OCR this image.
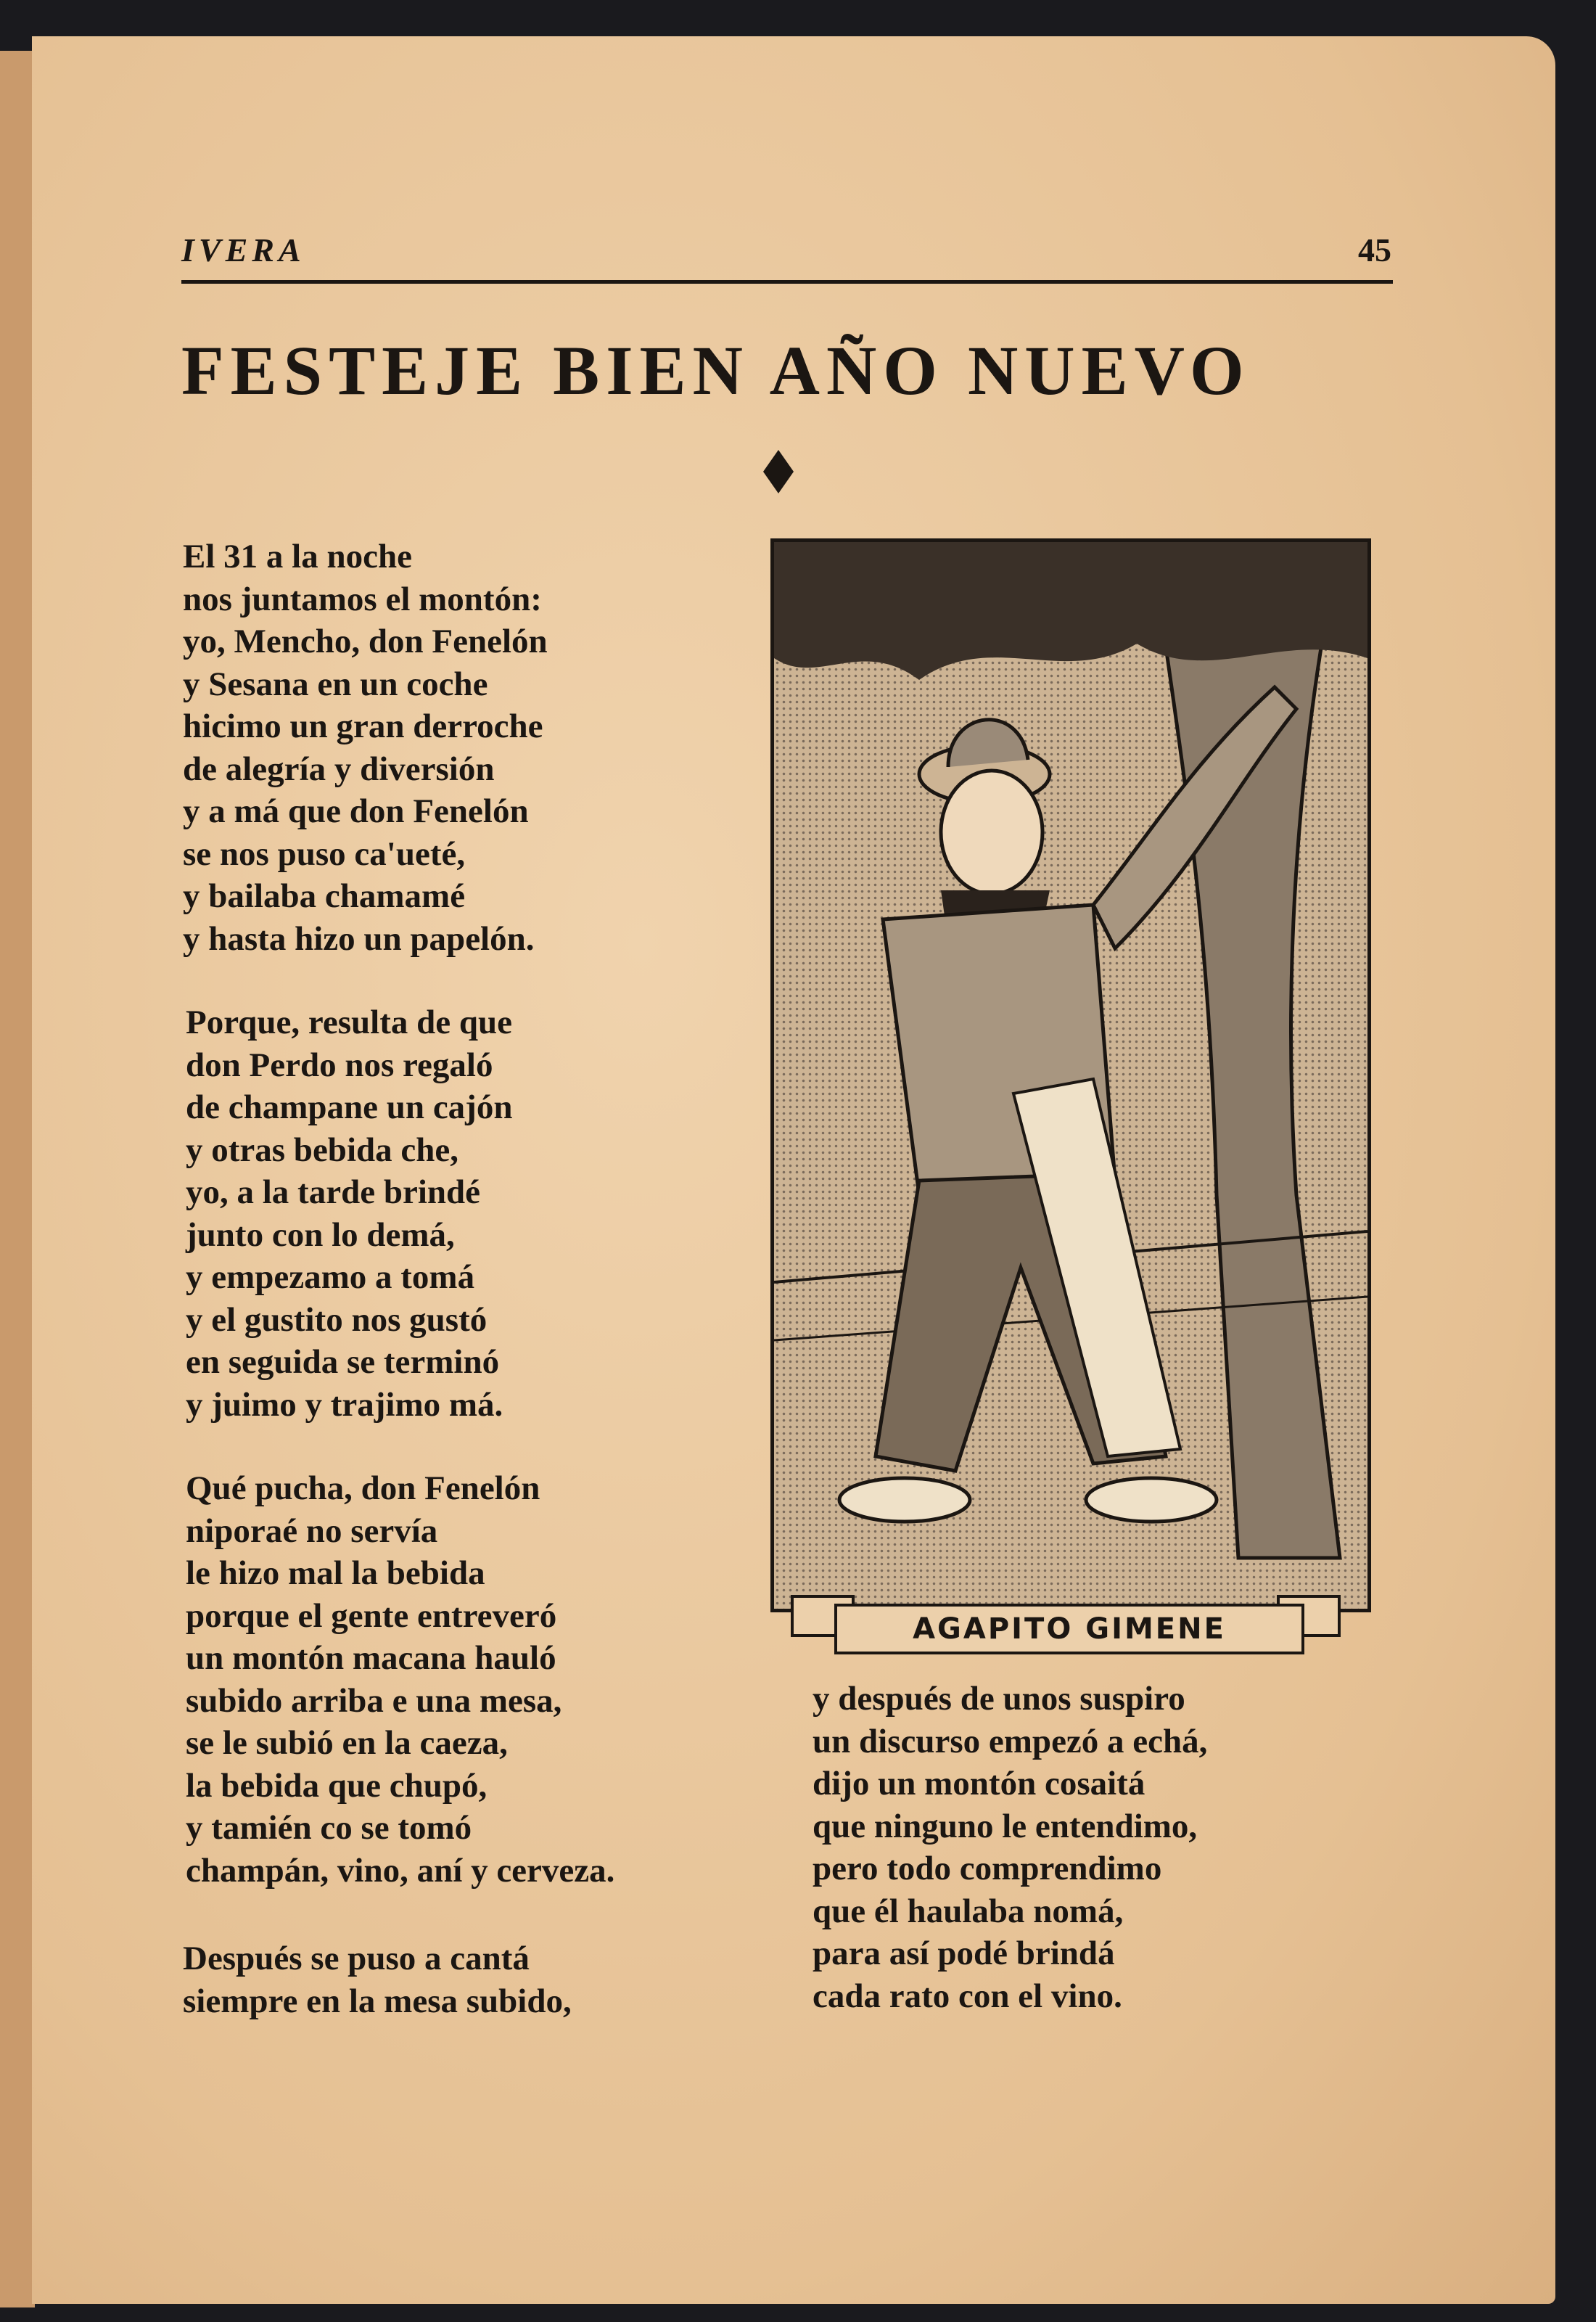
IVERA	45
FESTEJE BIEN AÑO NUEVO
El 31 a la noche
nos juntamos el montón:
yo, Mencho, don Fenelón
y Sesana en un coche
hicimo un gran derroche
de alegría y diversión
y a má que don Fenelón
se nos puso ca'ueté,
y bailaba chamamé
y hasta hizo un papelón.
Porque, resulta de que
don Perdo nos regaló
de champane un cajón
y otras bebida che,
yo, a la tarde brindé
junto con lo demá,
y empezamo a tomá
y el gustito nos gustó
en seguida se terminó
y juimo y trajimo má.
Qué pucha, don Fenelón
niporaé no servía
le hizo mal la bebida
porque el gente entreveró
un montón macana hauló
subido arriba e una mesa,
se le subió en la caeza,
la bebida que chupó,
y tamién co se tomó
champán, vino, aní y cerveza.
Después se puso a cantá
siempre en la mesa subido,
AGAPITO GIMENE
y después de unos suspiro
un discurso empezó a echá,
dijo un montón cosaitá
que ninguno le entendimo,
pero todo comprendimo
que él haulaba nomá,
para así podé brindá
cada rato con el vino.
